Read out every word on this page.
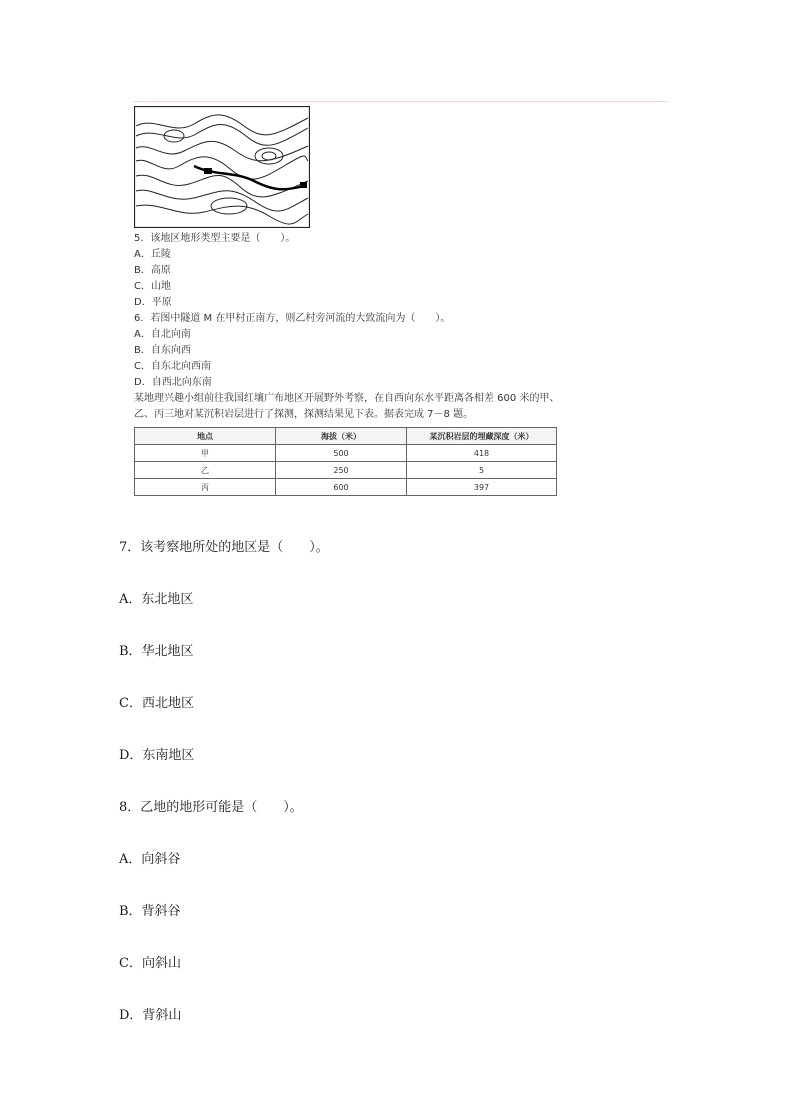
5．该地区地形类型主要是（　　）。
A．丘陵
B．高原
C．山地
D．平原
6．若图中隧道 M 在甲村正南方，则乙村旁河流的大致流向为（　　）。
A．自北向南
B．自东向西
C．自东北向西南
D．自西北向东南
某地理兴趣小组前往我国红壤广布地区开展野外考察，在自西向东水平距离各相差 600 米的甲、乙、丙三地对某沉积岩层进行了探测，探测结果见下表。据表完成 7－8 题。
地点	海拔（米）	某沉积岩层的埋藏深度（米）
甲	500	418
乙	250	5
丙	600	397
7．该考察地所处的地区是（　　）。
A．东北地区
B．华北地区
C．西北地区
D．东南地区
8．乙地的地形可能是（　　）。
A．向斜谷
B．背斜谷
C．向斜山
D．背斜山
